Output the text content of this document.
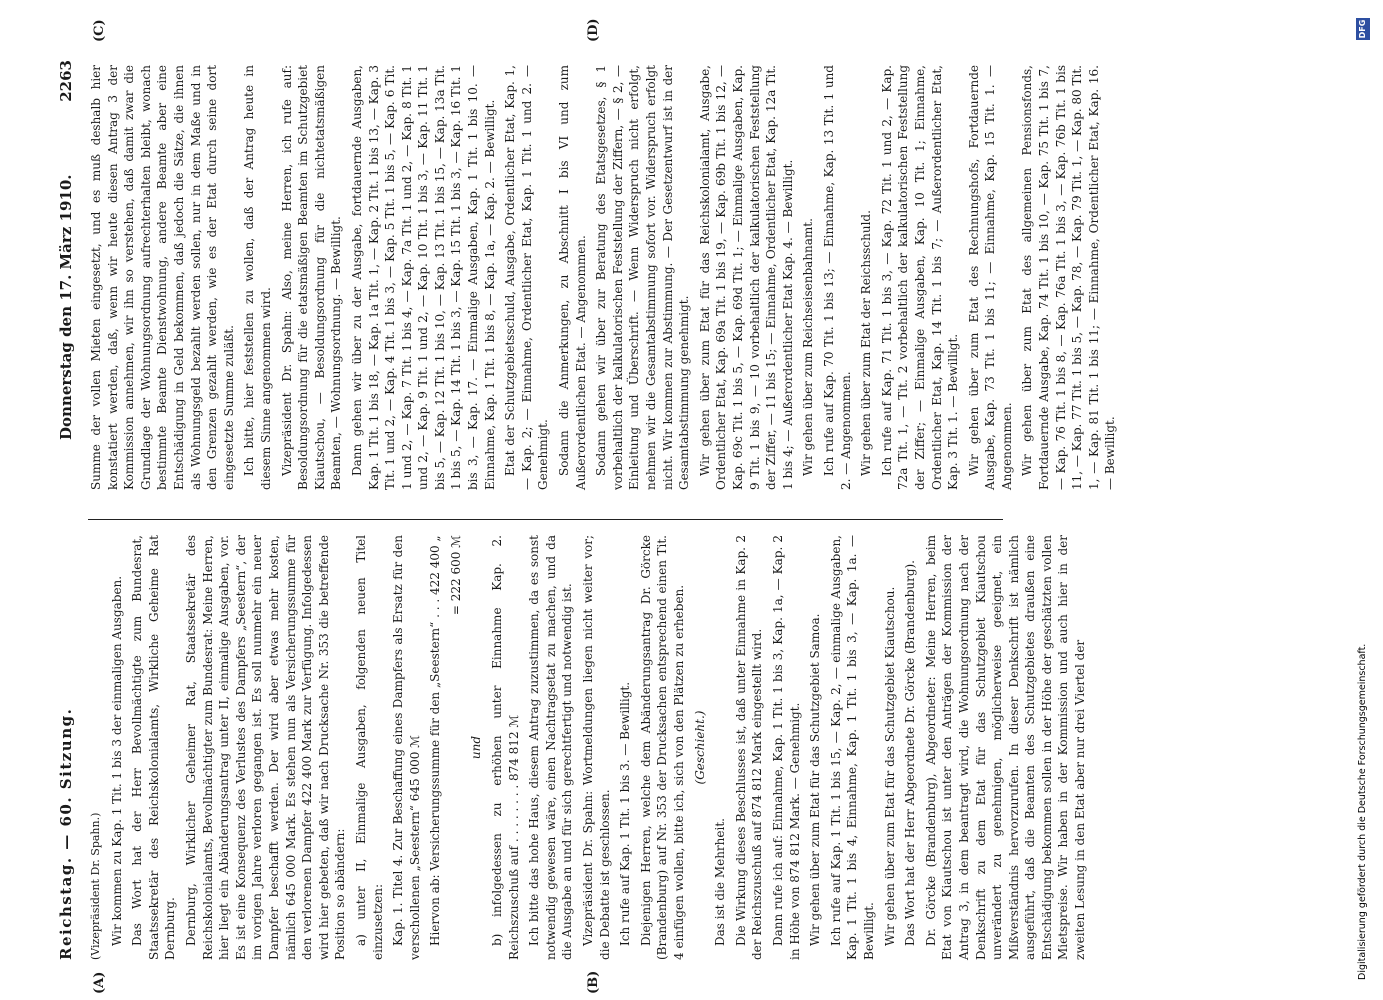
Reichstag. — 60. Sitzung.
Donnerstag den 17. März 1910.
2263
(A)	(B)
(C)	(D)

(Vizepräsident Dr. Spahn.) Wir kommen zu Kap. 1 Tit. 1 bis 3 der einmaligen Ausgaben. Das Wort hat der Herr Bevollmächtigte zum Bundesrat, Staatssekretär des Reichskolonialamts, Wirkliche Geheime Rat Dernburg. Dernburg, Wirklicher Geheimer Rat, Staatssekretär des Reichskolonialamts, Bevollmächtigter zum Bundesrat: Meine Herren, hier liegt ein Abänderungsantrag unter II, einmalige Ausgaben, vor. Es ist eine Konsequenz des Verlustes des Dampfers „Seestern“, der im vorigen Jahre verloren gegangen ist. Es soll nunmehr ein neuer Dampfer beschafft werden. Der wird aber etwas mehr kosten, nämlich 645 000 Mark. Es stehen nun als Versicherungssumme für den verlorenen Dampfer 422 400 Mark zur Verfügung. Infolgedessen wird hier gebeten, daß wir nach Drucksache Nr. 353 die betreffende Position so abändern: a) unter II, Einmalige Ausgaben, folgenden neuen Titel einzusetzen: Kap. 1. Titel 4. Zur Beschaffung eines Dampfers als Ersatz für den verschollenen „Seestern“ 645 000 ℳ Hiervon ab: Versicherungssumme für den „Seestern“ . . . 422 400 „ = 222 600 ℳ

und b) infolgedessen zu erhöhen unter Einnahme Kap. 2. Reichszuschuß auf . . . . . . . . 874 812 ℳ Ich bitte das hohe Haus, diesem Antrag zuzustimmen, da es sonst notwendig gewesen wäre, einen Nachtragsetat zu machen, und da die Ausgabe an und für sich gerechtfertigt und notwendig ist. Vizepräsident Dr. Spahn: Wortmeldungen liegen nicht weiter vor; die Debatte ist geschlossen. Ich rufe auf Kap. 1 Tit. 1 bis 3. — Bewilligt. Diejenigen Herren, welche dem Abänderungsantrag Dr. Görcke (Brandenburg) auf Nr. 353 der Drucksachen entsprechend einen Tit. 4 einfügen wollen, bitte ich, sich von den Plätzen zu erheben. (Geschieht.)

Das ist die Mehrheit. Die Wirkung dieses Beschlusses ist, daß unter Einnahme in Kap. 2 der Reichszuschuß auf 874 812 Mark eingestellt wird. Dann rufe ich auf: Einnahme, Kap. 1 Tit. 1 bis 3, Kap. 1a, — Kap. 2 in Höhe von 874 812 Mark. — Genehmigt. Wir gehen über zum Etat für das Schutzgebiet Samoa. Ich rufe auf Kap. 1 Tit. 1 bis 15, — Kap. 2, — einmalige Ausgaben, Kap. 1 Tit. 1 bis 4, Einnahme, Kap. 1 Tit. 1 bis 3, — Kap. 1a. — Bewilligt. Wir gehen über zum Etat für das Schutzgebiet Kiautschou. Das Wort hat der Herr Abgeordnete Dr. Görcke (Brandenburg). Dr. Görcke (Brandenburg), Abgeordneter: Meine Herren, beim Etat von Kiautschou ist unter den Anträgen der Kommission der Antrag 3, in dem beantragt wird, die Wohnungsordnung nach der Denkschrift zu dem Etat für das Schutzgebiet Kiautschou unverändert zu genehmigen, möglicherweise geeignet, ein Mißverständnis hervorzurufen. In dieser Denkschrift ist nämlich ausgeführt, daß die Beamten des Schutzgebietes draußen eine Entschädigung bekommen sollen in der Höhe der geschätzten vollen Mietspreise. Wir haben in der Kommission und auch hier in der zweiten Lesung in den Etat aber nur drei Viertel der

Summe der vollen Mieten eingesetzt, und es muß deshalb hier konstatiert werden, daß, wenn wir heute diesen Antrag 3 der Kommission annehmen, wir ihn so verstehen, daß damit zwar die Grundlage der Wohnungsordnung aufrechterhalten bleibt, wonach bestimmte Beamte Dienstwohnung, andere Beamte aber eine Entschädigung in Geld bekommen, daß jedoch die Sätze, die ihnen als Wohnungsgeld bezahlt werden sollen, nur in dem Maße und in den Grenzen gezahlt werden, wie es der Etat durch seine dort eingesetzte Summe zuläßt. Ich bitte, hier feststellen zu wollen, daß der Antrag heute in diesem Sinne angenommen wird. Vizepräsident Dr. Spahn: Also, meine Herren, ich rufe auf: Besoldungsordnung für die etatsmäßigen Beamten im Schutzgebiet Kiautschou, — Besoldungsordnung für die nichtetatsmäßigen Beamten, — Wohnungsordnung. — Bewilligt. Dann gehen wir über zu der Ausgabe, fortdauernde Ausgaben, Kap. 1 Tit. 1 bis 18, — Kap. 1a Tit. 1, — Kap. 2 Tit. 1 bis 13, — Kap. 3 Tit. 1 und 2, — Kap. 4 Tit. 1 bis 3, — Kap. 5 Tit. 1 bis 5, — Kap. 6 Tit. 1 und 2, — Kap. 7 Tit. 1 bis 4, — Kap. 7a Tit. 1 und 2, — Kap. 8 Tit. 1 und 2, — Kap. 9 Tit. 1 und 2, — Kap. 10 Tit. 1 bis 3, — Kap. 11 Tit. 1 bis 5, — Kap. 12 Tit. 1 bis 10, — Kap. 13 Tit. 1 bis 15, — Kap. 13a Tit. 1 bis 5, — Kap. 14 Tit. 1 bis 3, — Kap. 15 Tit. 1 bis 3, — Kap. 16 Tit. 1 bis 3, — Kap. 17. — Einmalige Ausgaben, Kap. 1 Tit. 1 bis 10. — Einnahme, Kap. 1 Tit. 1 bis 8, — Kap. 1a, — Kap. 2. — Bewilligt. Etat der Schutzgebietsschuld, Ausgabe, Ordentlicher Etat, Kap. 1, — Kap. 2; — Einnahme, Ordentlicher Etat, Kap. 1 Tit. 1 und 2. — Genehmigt. Sodann die Anmerkungen, zu Abschnitt I bis VI und zum Außerordentlichen Etat. — Angenommen. Sodann gehen wir über zur Beratung des Etatsgesetzes, § 1 vorbehaltlich der kalkulatorischen Feststellung der Ziffern, — § 2, — Einleitung und Überschrift. — Wenn Widerspruch nicht erfolgt, nehmen wir die Gesamtabstimmung sofort vor. Widerspruch erfolgt nicht. Wir kommen zur Abstimmung. — Der Gesetzentwurf ist in der Gesamtabstimmung genehmigt. Wir gehen über zum Etat für das Reichskolonialamt, Ausgabe, Ordentlicher Etat, Kap. 69a Tit. 1 bis 19, — Kap. 69b Tit. 1 bis 12, — Kap. 69c Tit. 1 bis 5, — Kap. 69d Tit. 1; — Einmalige Ausgaben, Kap. 9 Tit. 1 bis 9, — 10 vorbehaltlich der kalkulatorischen Feststellung der Ziffer, — 11 bis 15; — Einnahme, Ordentlicher Etat, Kap. 12a Tit. 1 bis 4; — Außerordentlicher Etat Kap. 4. — Bewilligt. Wir gehen über zum Reichseisenbahnamt. Ich rufe auf Kap. 70 Tit. 1 bis 13; — Einnahme, Kap. 13 Tit. 1 und 2. — Angenommen. Wir gehen über zum Etat der Reichsschuld. Ich rufe auf Kap. 71 Tit. 1 bis 3, — Kap. 72 Tit. 1 und 2, — Kap. 72a Tit. 1, — Tit. 2 vorbehaltlich der kalkulatorischen Feststellung der Ziffer; — Einmalige Ausgaben, Kap. 10 Tit. 1; Einnahme, Ordentlicher Etat, Kap. 14 Tit. 1 bis 7; — Außerordentlicher Etat, Kap. 3 Tit. 1. — Bewilligt. Wir gehen über zum Etat des Rechnungshofs, Fortdauernde Ausgabe, Kap. 73 Tit. 1 bis 11; — Einnahme, Kap. 15 Tit. 1. — Angenommen. Wir gehen über zum Etat des allgemeinen Pensionsfonds, Fortdauernde Ausgabe, Kap. 74 Tit. 1 bis 10, — Kap. 75 Tit. 1 bis 7, — Kap. 76 Tit. 1 bis 8, — Kap. 76a Tit. 1 bis 3, — Kap. 76b Tit. 1 bis 11, — Kap. 77 Tit. 1 bis 5, — Kap. 78, — Kap. 79 Tit. 1, — Kap. 80 Tit. 1, — Kap. 81 Tit. 1 bis 11; — Einnahme, Ordentlicher Etat, Kap. 16. — Bewilligt.

Digitalisierung gefördert durch die Deutsche Forschungsgemeinschaft.
DFG
